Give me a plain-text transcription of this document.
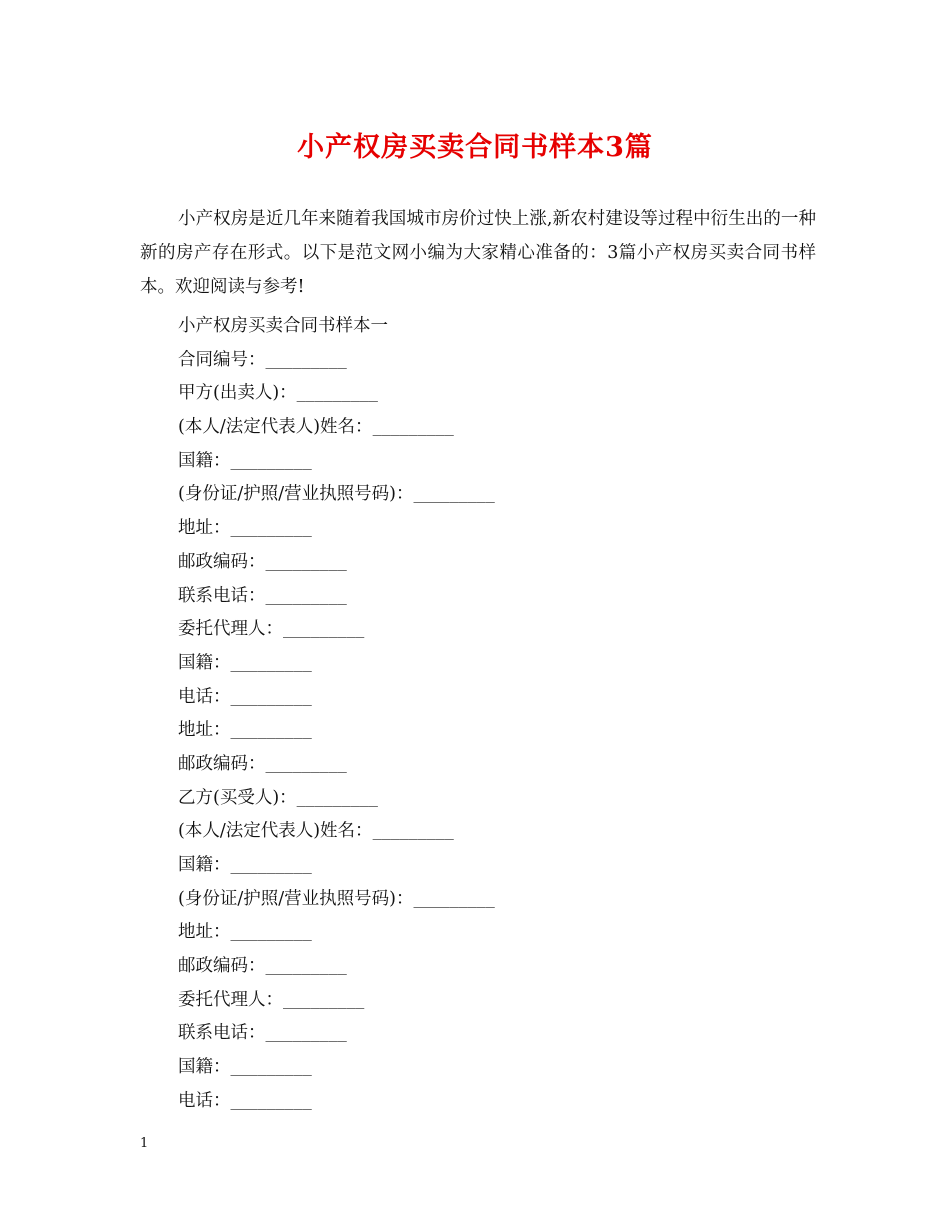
小产权房买卖合同书样本3篇

小产权房是近几年来随着我国城市房价过快上涨,新农村建设等过程中衍生出的一种新的房产存在形式。以下是范文网小编为大家精心准备的：3篇小产权房买卖合同书样本。欢迎阅读与参考!

小产权房买卖合同书样本一
合同编号：_________
甲方(出卖人)：_________
(本人/法定代表人)姓名：_________
国籍：_________
(身份证/护照/营业执照号码)：_________
地址：_________
邮政编码：_________
联系电话：_________
委托代理人：_________
国籍：_________
电话：_________
地址：_________
邮政编码：_________
乙方(买受人)：_________
(本人/法定代表人)姓名：_________
国籍：_________
(身份证/护照/营业执照号码)：_________
地址：_________
邮政编码：_________
委托代理人：_________
联系电话：_________
国籍：_________
电话：_________
1
